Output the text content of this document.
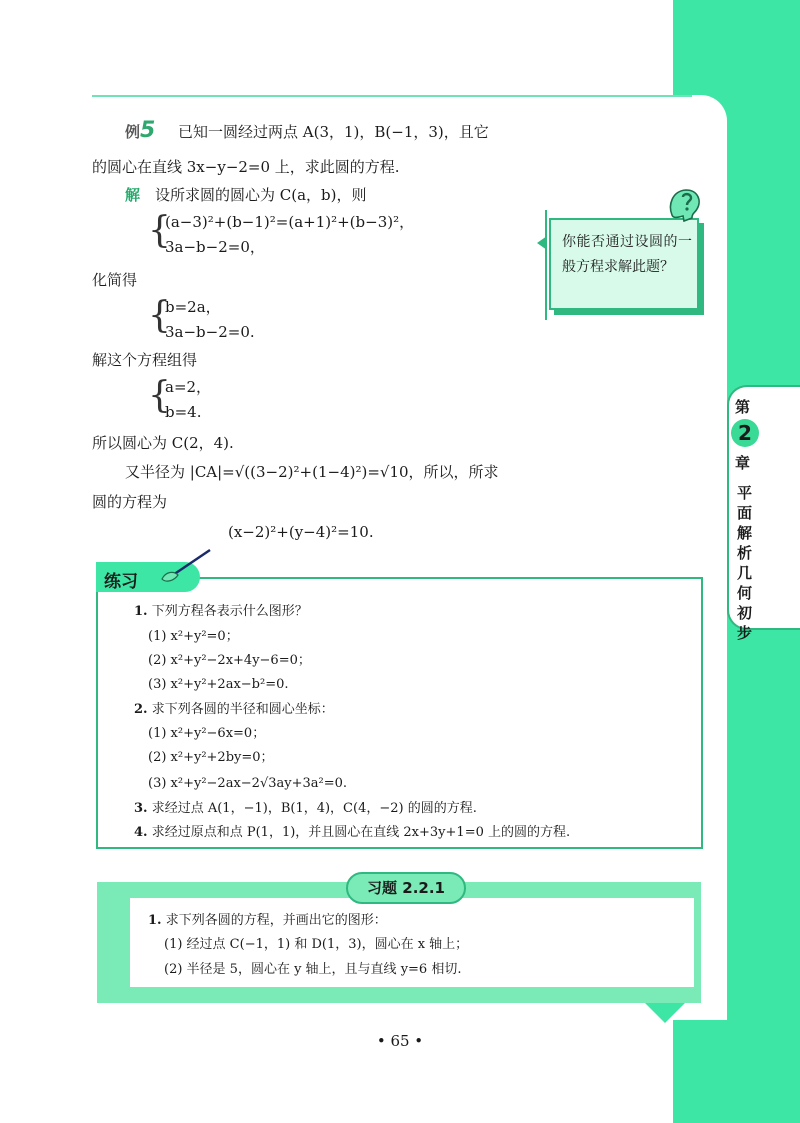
第
2
章
平面解析几何初步
例5 已知一圆经过两点 A(3，1)，B(−1，3)，且它
的圆心在直线 3x−y−2=0 上，求此圆的方程.
解 设所求圆的圆心为 C(a，b)，则
{
(a−3)²+(b−1)²=(a+1)²+(b−3)²，
3a−b−2=0，
化简得
{
b=2a，
3a−b−2=0.
解这个方程组得
{
a=2，
b=4.
所以圆心为 C(2，4).
又半径为 |CA|=√((3−2)²+(1−4)²)=√10，所以，所求
圆的方程为
(x−2)²+(y−4)²=10.
你能否通过设圆的一般方程求解此题？
练习
1. 下列方程各表示什么图形？
(1) x²+y²=0；
(2) x²+y²−2x+4y−6=0；
(3) x²+y²+2ax−b²=0.
2. 求下列各圆的半径和圆心坐标：
(1) x²+y²−6x=0；
(2) x²+y²+2by=0；
(3) x²+y²−2ax−2√3ay+3a²=0.
3. 求经过点 A(1，−1)，B(1，4)，C(4，−2) 的圆的方程.
4. 求经过原点和点 P(1，1)，并且圆心在直线 2x+3y+1=0 上的圆的方程.
习题 2.2.1
1. 求下列各圆的方程，并画出它的图形：
(1) 经过点 C(−1，1) 和 D(1，3)，圆心在 x 轴上；
(2) 半径是 5，圆心在 y 轴上，且与直线 y=6 相切.
• 65 •
